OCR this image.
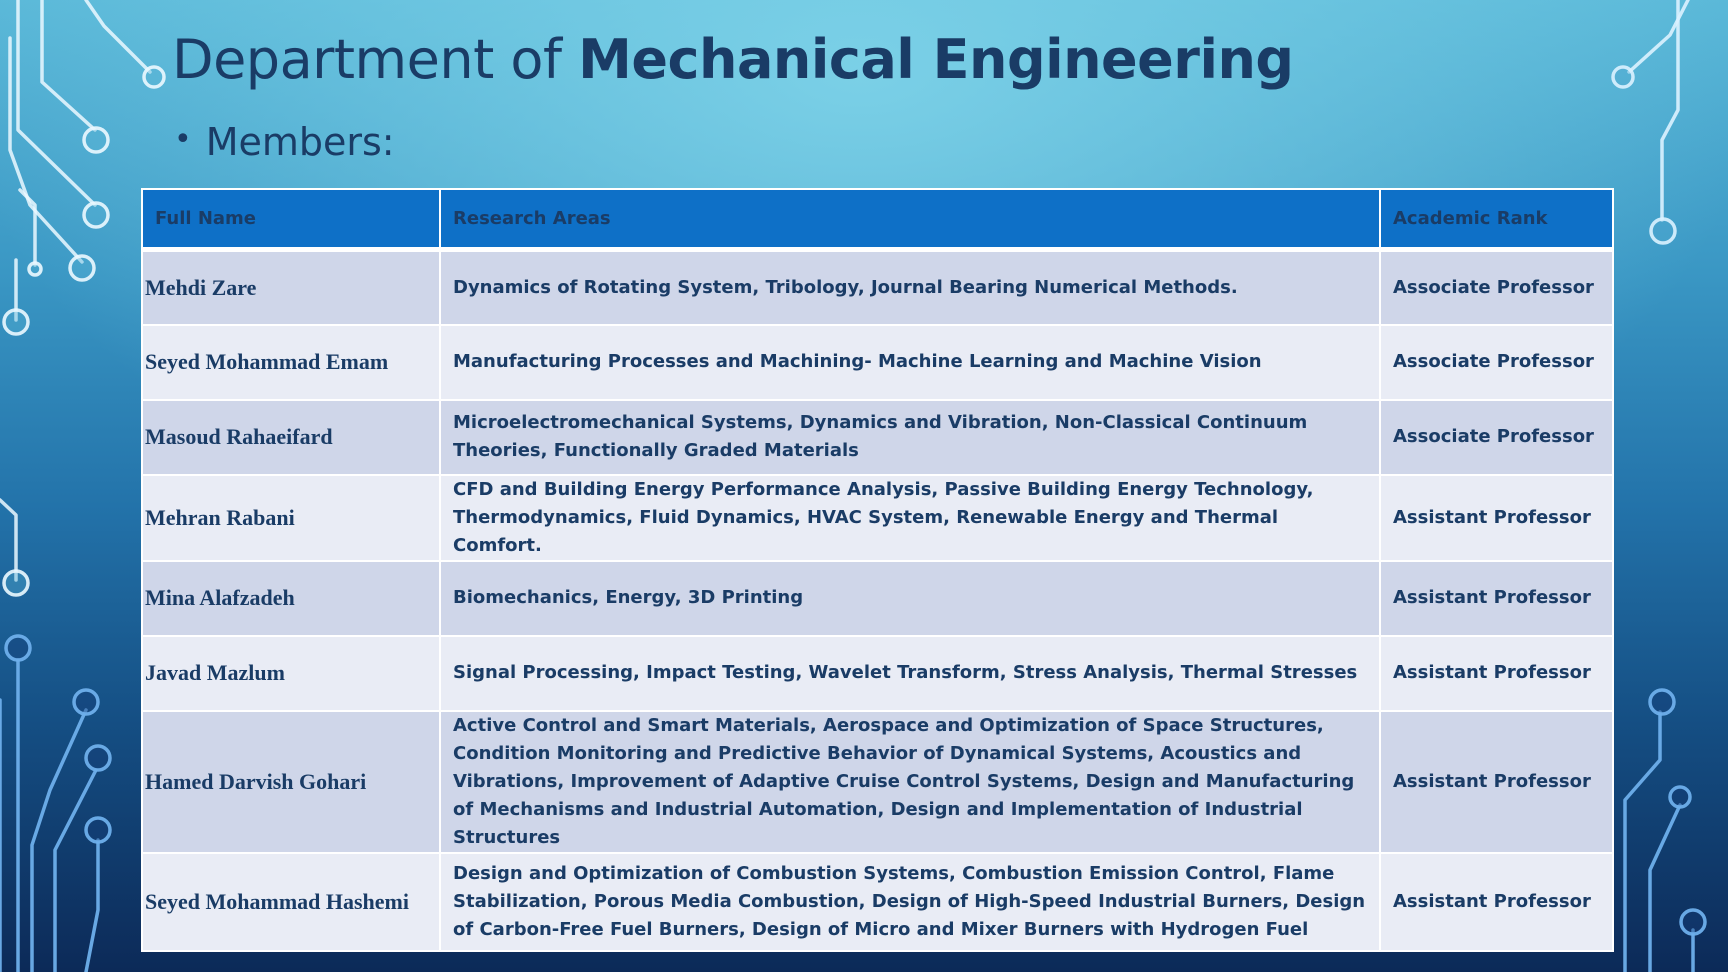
Department of Mechanical Engineering
• Members:
Full Name	Research Areas	Academic Rank
Mehdi Zare	Dynamics of Rotating System, Tribology, Journal Bearing Numerical Methods.	Associate Professor
Seyed Mohammad Emam	Manufacturing Processes and Machining- Machine Learning and Machine Vision	Associate Professor
Masoud Rahaeifard	Microelectromechanical Systems, Dynamics and Vibration, Non-Classical Continuum Theories, Functionally Graded Materials	Associate Professor
Mehran Rabani	CFD and Building Energy Performance Analysis, Passive Building Energy Technology, Thermodynamics, Fluid Dynamics, HVAC System, Renewable Energy and Thermal Comfort.	Assistant Professor
Mina Alafzadeh	Biomechanics, Energy, 3D Printing	Assistant Professor
Javad Mazlum	Signal Processing, Impact Testing, Wavelet Transform, Stress Analysis, Thermal Stresses	Assistant Professor
Hamed Darvish Gohari	Active Control and Smart Materials, Aerospace and Optimization of Space Structures, Condition Monitoring and Predictive Behavior of Dynamical Systems, Acoustics and Vibrations, Improvement of Adaptive Cruise Control Systems, Design and Manufacturing of Mechanisms and Industrial Automation, Design and Implementation of Industrial Structures	Assistant Professor
Seyed Mohammad Hashemi	Design and Optimization of Combustion Systems, Combustion Emission Control, Flame Stabilization, Porous Media Combustion, Design of High-Speed Industrial Burners, Design of Carbon-Free Fuel Burners, Design of Micro and Mixer Burners with Hydrogen Fuel	Assistant Professor
